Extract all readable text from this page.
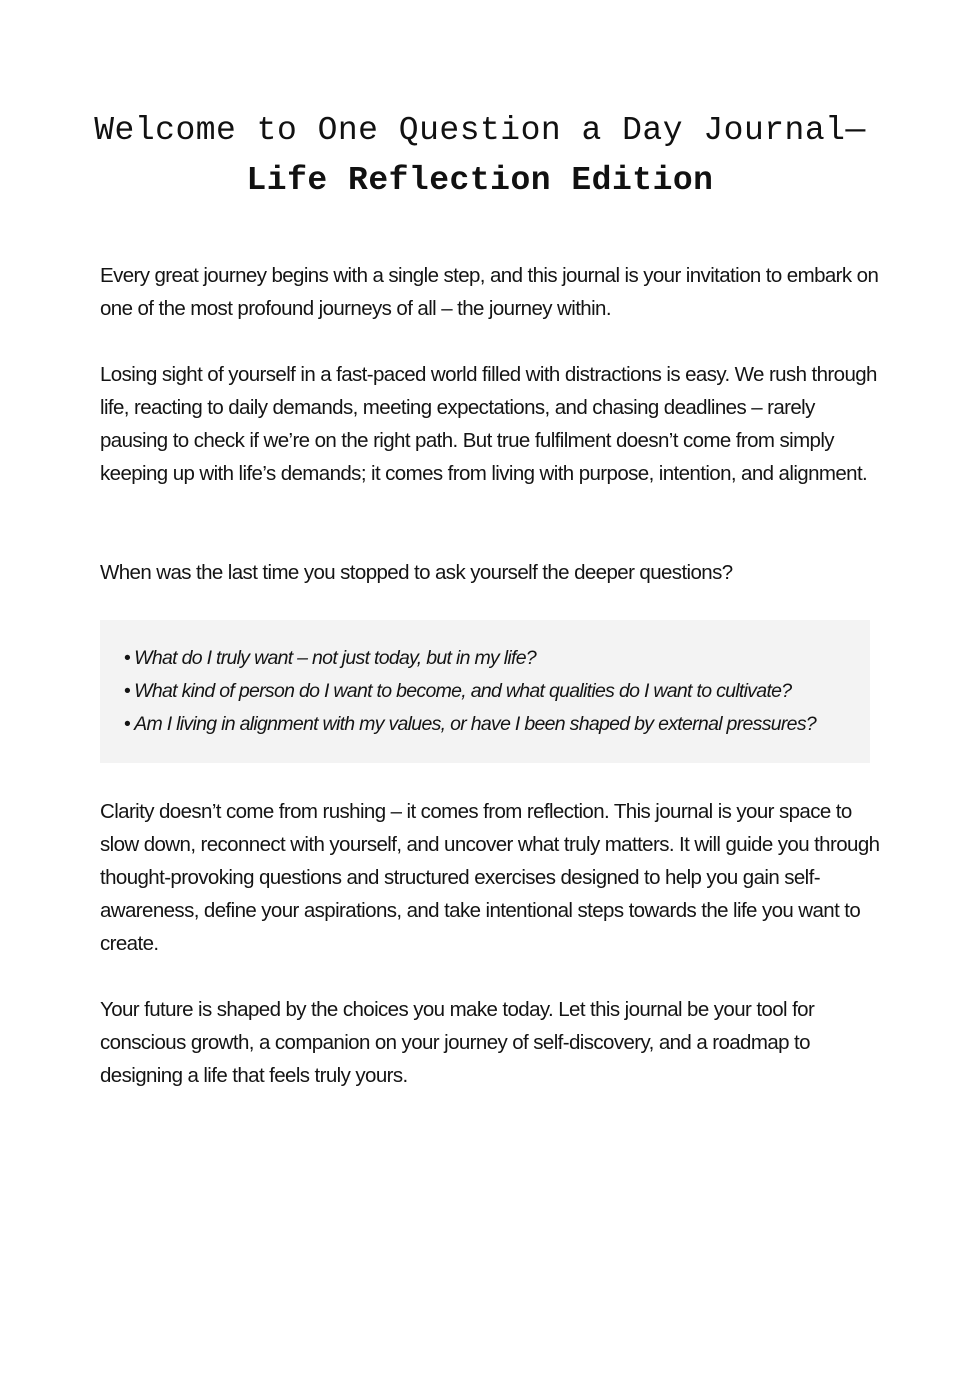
Welcome to One Question a Day Journal—
Life Reflection Edition

Every great journey begins with a single step, and this journal is your invitation to embark on one of the most profound journeys of all – the journey within.

Losing sight of yourself in a fast-paced world filled with distractions is easy. We rush through life, reacting to daily demands, meeting expectations, and chasing deadlines – rarely pausing to check if we’re on the right path. But true fulfilment doesn’t come from simply keeping up with life’s demands; it comes from living with purpose, intention, and alignment.

When was the last time you stopped to ask yourself the deeper questions?

• What do I truly want – not just today, but in my life?
• What kind of person do I want to become, and what qualities do I want to cultivate?
• Am I living in alignment with my values, or have I been shaped by external pressures?

Clarity doesn’t come from rushing – it comes from reflection. This journal is your space to slow down, reconnect with yourself, and uncover what truly matters. It will guide you through thought-provoking questions and structured exercises designed to help you gain self-awareness, define your aspirations, and take intentional steps towards the life you want to create.

Your future is shaped by the choices you make today. Let this journal be your tool for conscious growth, a companion on your journey of self-discovery, and a roadmap to designing a life that feels truly yours.
